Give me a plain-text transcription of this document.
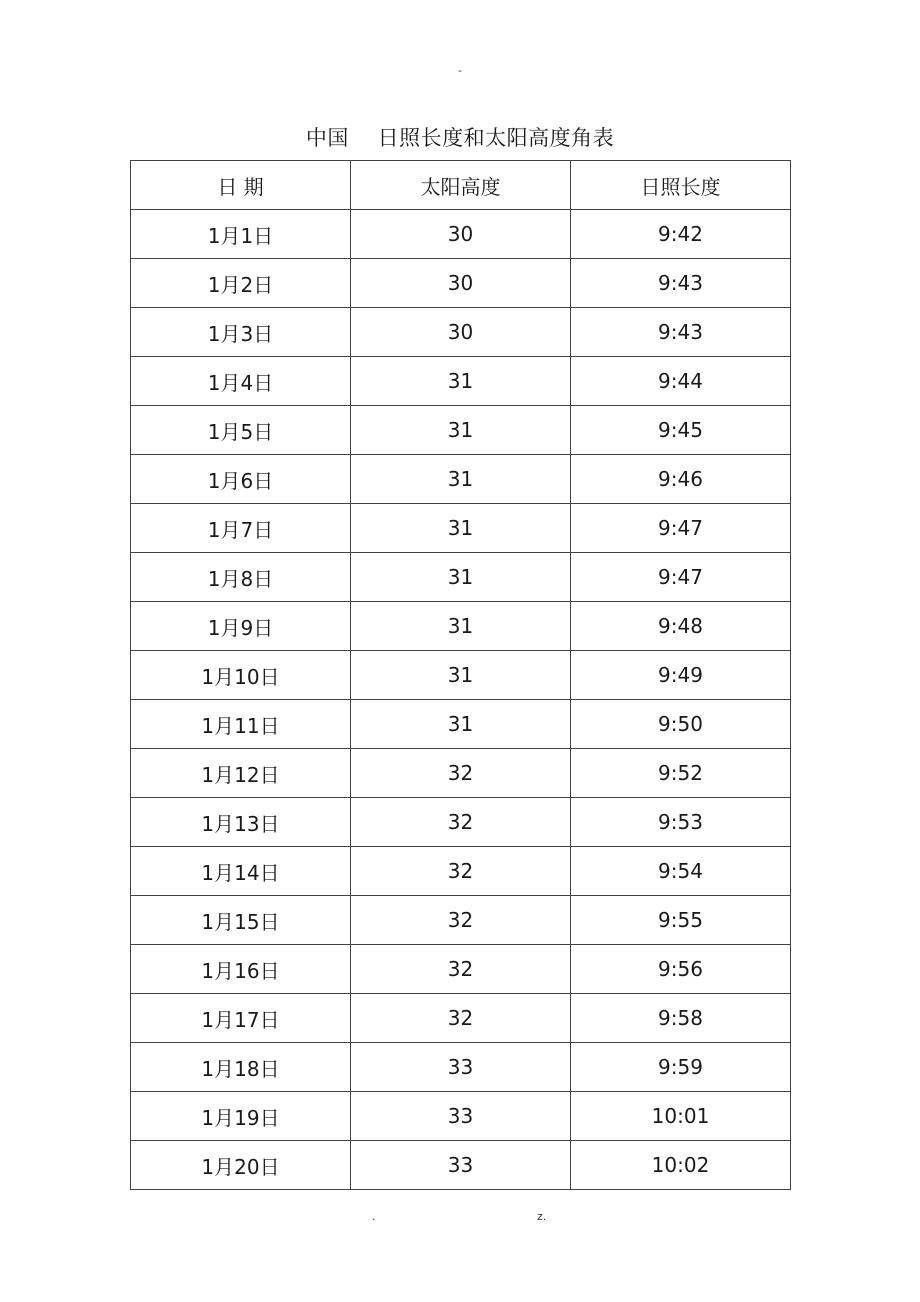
-
中国    日照长度和太阳高度角表
日 期	太阳高度	日照长度
1月1日	30	9:42
1月2日	30	9:43
1月3日	30	9:43
1月4日	31	9:44
1月5日	31	9:45
1月6日	31	9:46
1月7日	31	9:47
1月8日	31	9:47
1月9日	31	9:48
1月10日	31	9:49
1月11日	31	9:50
1月12日	32	9:52
1月13日	32	9:53
1月14日	32	9:54
1月15日	32	9:55
1月16日	32	9:56
1月17日	32	9:58
1月18日	33	9:59
1月19日	33	10:01
1月20日	33	10:02
.	z.
